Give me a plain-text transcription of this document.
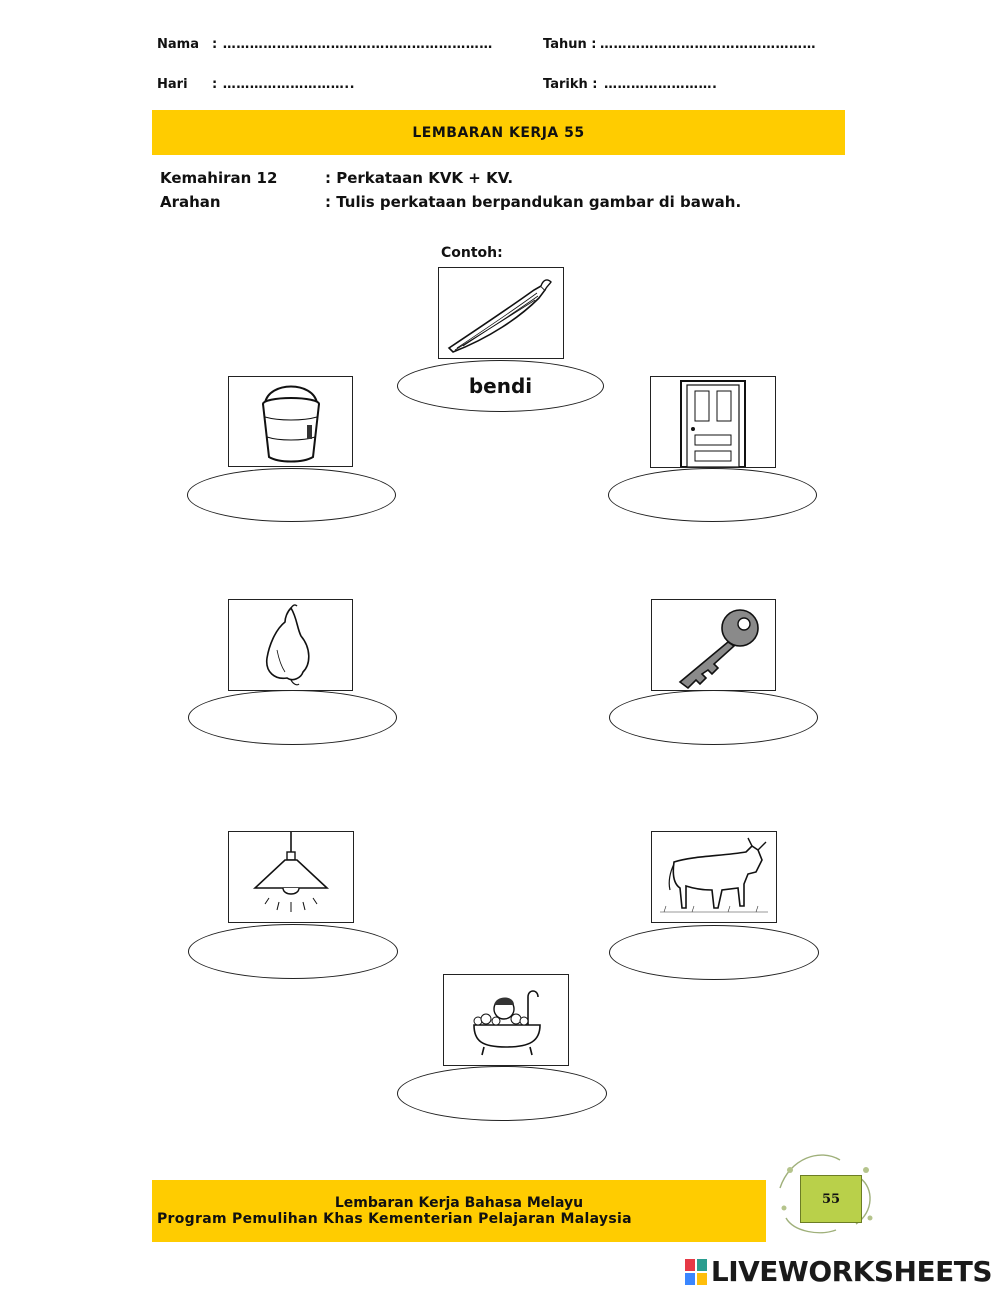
Nama : ……………………………………………………	Tahun : …………………………………………
Hari : ………………………..	Tarikh : …………………….
LEMBARAN KERJA 55
Kemahiran 12	: Perkataan KVK + KV.
Arahan	: Tulis perkataan berpandukan gambar di bawah.
Contoh:
bendi
Lembaran Kerja Bahasa Melayu
Program Pemulihan Khas Kementerian Pelajaran Malaysia
55
LIVEWORKSHEETS
